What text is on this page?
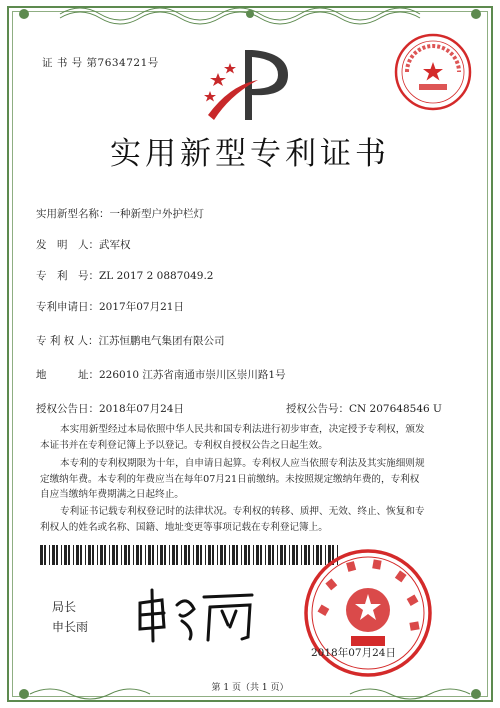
证 书 号 第7634721号
实用新型专利证书
实用新型名称：一种新型户外护栏灯
发　明　人：武军权
专　利　号：ZL 2017 2 0887049.2
专利申请日：2017年07月21日
专 利 权 人：江苏恒鹏电气集团有限公司
地　　　址：226010 江苏省南通市崇川区崇川路1号
授权公告日：2018年07月24日	授权公告号：CN 207648546 U
本实用新型经过本局依照中华人民共和国专利法进行初步审查，决定授予专利权，颁发
本证书并在专利登记簿上予以登记。专利权自授权公告之日起生效。
本专利的专利权期限为十年，自申请日起算。专利权人应当依照专利法及其实施细则规
定缴纳年费。本专利的年费应当在每年07月21日前缴纳。未按照规定缴纳年费的，专利权
自应当缴纳年费期满之日起终止。
专利证书记载专利权登记时的法律状况。专利权的转移、质押、无效、终止、恢复和专
利权人的姓名或名称、国籍、地址变更等事项记载在专利登记簿上。
局长
申长雨
2018年07月24日
第 1 页（共 1 页）
